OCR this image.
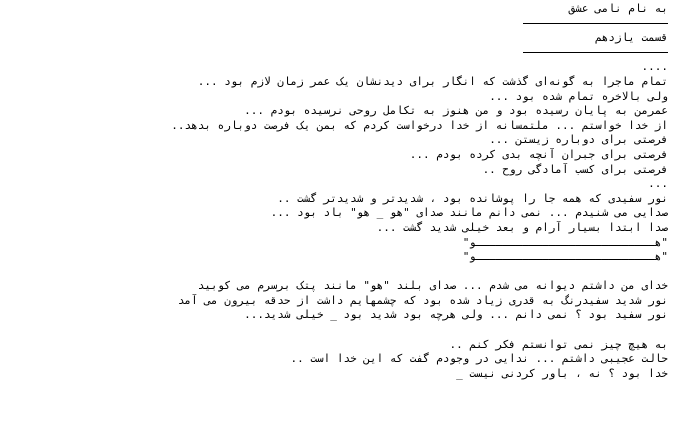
به نام نامی عشق
قسمت یازدهم
....
تمام ماجرا به گونه‌ای گذشت که انگار برای دیدنشان یک عمر زمان لازم بود ...
ولی بالاخره تمام شده بود ...
عمرمن به پایان رسیده بود و من هنوز به تکامل روحی نرسیده بودم ...
از خدا خواستم ... ملتمسانه از خدا درخواست کردم که بمن یک فرصت دوباره بدهد..
فرصتی برای دوباره زیستن ...
فرصتی برای جبران آنچه بدی کرده بودم ...
فرصتی برای کسب آمادگی روح ..
...
نور سفیدی که همه جا را پوشانده بود ، شدیدتر و شدیدتر گشت ..
صدایی می شنیدم ... نمی دانم مانند صدای "هو _ هو" باد بود ...
صدا ابتدا بسیار آرام و بعد خیلی شدید گشت ...
"هـــــــــــــــــــــــــــو"
"هـــــــــــــــــــــــــــو"
خدای من داشتم دیوانه می شدم ... صدای بلند "هو" مانند پتک برسرم می کوبید
نور شدید سفیدرنگ به قدری زیاد شده بود که چشمهایم داشت از حدقه بیرون می آمد
نور سفید بود ؟ نمی دانم ... ولی هرچه بود شدید بود _ خیلی شدید...
به هیچ چیز نمی توانستم فکر کنم ..
حالت عجیبی داشتم ... ندایی در وجودم گفت که این خدا است ..
خدا بود ؟ نه ، باور کردنی نیست _
